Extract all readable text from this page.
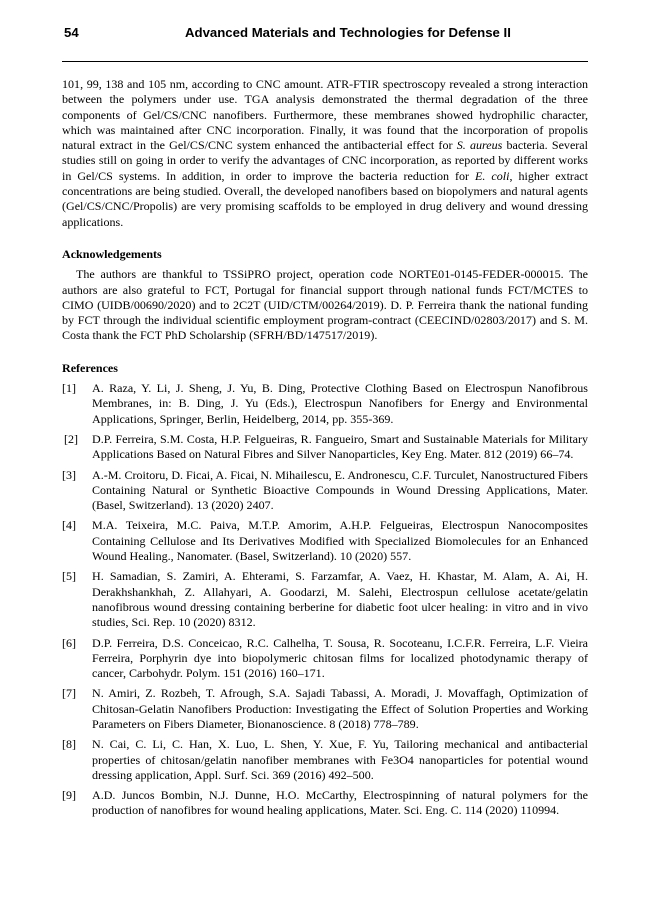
54	Advanced Materials and Technologies for Defense II

101, 99, 138 and 105 nm, according to CNC amount. ATR-FTIR spectroscopy revealed a strong interaction between the polymers under use. TGA analysis demonstrated the thermal degradation of the three components of Gel/CS/CNC nanofibers. Furthermore, these membranes showed hydrophilic character, which was maintained after CNC incorporation. Finally, it was found that the incorporation of propolis natural extract in the Gel/CS/CNC system enhanced the antibacterial effect for S. aureus bacteria. Several studies still on going in order to verify the advantages of CNC incorporation, as reported by different works in Gel/CS systems. In addition, in order to improve the bacteria reduction for E. coli, higher extract concentrations are being studied. Overall, the developed nanofibers based on biopolymers and natural agents (Gel/CS/CNC/Propolis) are very promising scaffolds to be employed in drug delivery and wound dressing applications.

Acknowledgements

The authors are thankful to TSSiPRO project, operation code NORTE01-0145-FEDER-000015. The authors are also grateful to FCT, Portugal for financial support through national funds FCT/MCTES to CIMO (UIDB/00690/2020) and to 2C2T (UID/CTM/00264/2019). D. P. Ferreira thank the national funding by FCT through the individual scientific employment program-contract (CEECIND/02803/2017) and S. M. Costa thank the FCT PhD Scholarship (SFRH/BD/147517/2019).

References
[1] A. Raza, Y. Li, J. Sheng, J. Yu, B. Ding, Protective Clothing Based on Electrospun Nanofibrous Membranes, in: B. Ding, J. Yu (Eds.), Electrospun Nanofibers for Energy and Environmental Applications, Springer, Berlin, Heidelberg, 2014, pp. 355-369.
[2] D.P. Ferreira, S.M. Costa, H.P. Felgueiras, R. Fangueiro, Smart and Sustainable Materials for Military Applications Based on Natural Fibres and Silver Nanoparticles, Key Eng. Mater. 812 (2019) 66–74.
[3] A.-M. Croitoru, D. Ficai, A. Ficai, N. Mihailescu, E. Andronescu, C.F. Turculet, Nanostructured Fibers Containing Natural or Synthetic Bioactive Compounds in Wound Dressing Applications, Mater. (Basel, Switzerland). 13 (2020) 2407.
[4] M.A. Teixeira, M.C. Paiva, M.T.P. Amorim, A.H.P. Felgueiras, Electrospun Nanocomposites Containing Cellulose and Its Derivatives Modified with Specialized Biomolecules for an Enhanced Wound Healing., Nanomater. (Basel, Switzerland). 10 (2020) 557.
[5] H. Samadian, S. Zamiri, A. Ehterami, S. Farzamfar, A. Vaez, H. Khastar, M. Alam, A. Ai, H. Derakhshankhah, Z. Allahyari, A. Goodarzi, M. Salehi, Electrospun cellulose acetate/gelatin nanofibrous wound dressing containing berberine for diabetic foot ulcer healing: in vitro and in vivo studies, Sci. Rep. 10 (2020) 8312.
[6] D.P. Ferreira, D.S. Conceicao, R.C. Calhelha, T. Sousa, R. Socoteanu, I.C.F.R. Ferreira, L.F. Vieira Ferreira, Porphyrin dye into biopolymeric chitosan films for localized photodynamic therapy of cancer, Carbohydr. Polym. 151 (2016) 160–171.
[7] N. Amiri, Z. Rozbeh, T. Afrough, S.A. Sajadi Tabassi, A. Moradi, J. Movaffagh, Optimization of Chitosan-Gelatin Nanofibers Production: Investigating the Effect of Solution Properties and Working Parameters on Fibers Diameter, Bionanoscience. 8 (2018) 778–789.
[8] N. Cai, C. Li, C. Han, X. Luo, L. Shen, Y. Xue, F. Yu, Tailoring mechanical and antibacterial properties of chitosan/gelatin nanofiber membranes with Fe3O4 nanoparticles for potential wound dressing application, Appl. Surf. Sci. 369 (2016) 492–500.
[9] A.D. Juncos Bombin, N.J. Dunne, H.O. McCarthy, Electrospinning of natural polymers for the production of nanofibres for wound healing applications, Mater. Sci. Eng. C. 114 (2020) 110994.
